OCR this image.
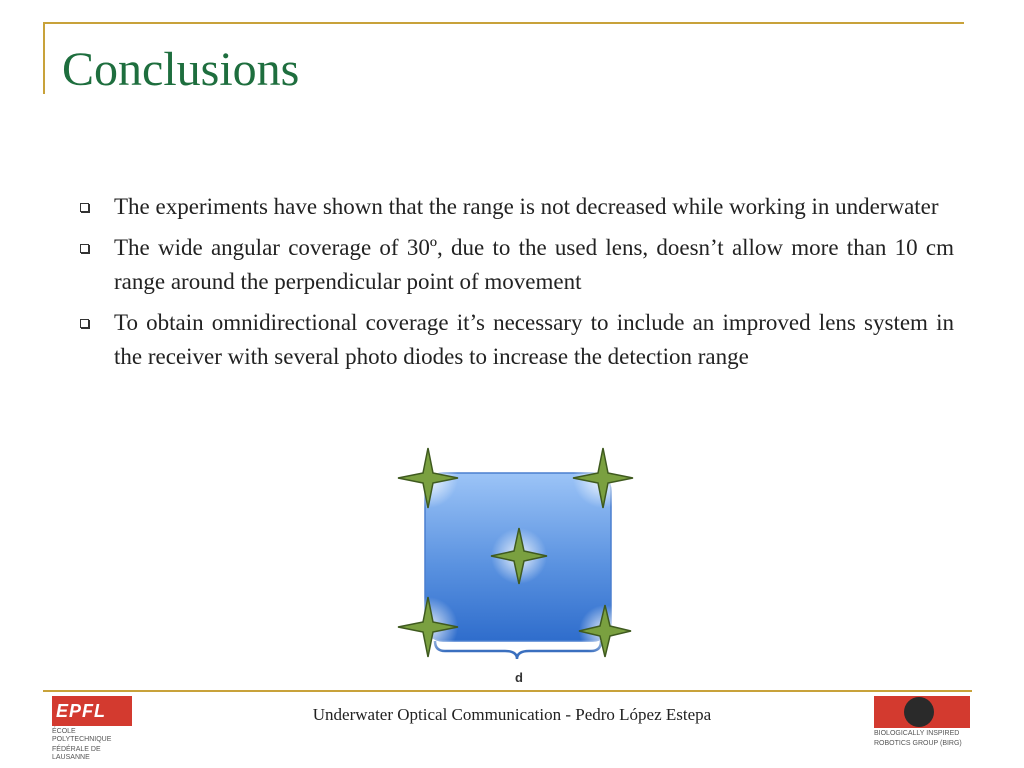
Conclusions
The experiments have shown that the range is not decreased while working in underwater
The wide angular coverage of 30º, due to the used lens, doesn’t allow more than 10 cm range around the perpendicular point of movement
To obtain omnidirectional coverage it’s necessary to include an improved lens system in the receiver with several photo diodes to increase the detection range
d
EPFL
ÉCOLE POLYTECHNIQUE
FÉDÉRALE DE LAUSANNE
Underwater Optical Communication - Pedro López Estepa
BIOLOGICALLY INSPIRED
ROBOTICS GROUP (BIRG)
